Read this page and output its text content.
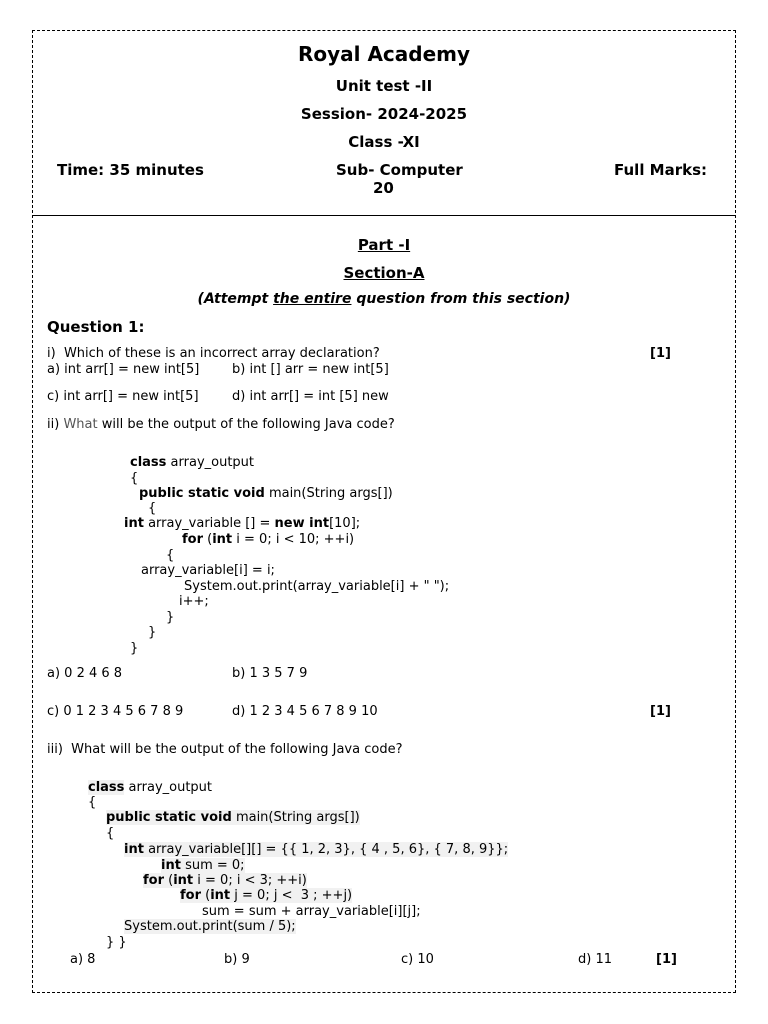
Royal Academy
Unit test -II
Session- 2024-2025
Class -XI
Time: 35 minutes	Sub- Computer	Full Marks:
20
Part -I
Section-A
(Attempt the entire question from this section)
Question 1:
i)  Which of these is an incorrect array declaration?	[1]
a) int arr[] = new int[5]	b) int [] arr = new int[5]
c) int arr[] = new int[5]	d) int arr[] = int [5] new
ii) What will be the output of the following Java code?
class array_output
{
public static void main(String args[])
{
int array_variable [] = new int[10];
for (int i = 0; i < 10; ++i)
{
array_variable[i] = i;
System.out.print(array_variable[i] + " ");
i++;
}
}
}
a) 0 2 4 6 8	b) 1 3 5 7 9
c) 0 1 2 3 4 5 6 7 8 9	d) 1 2 3 4 5 6 7 8 9 10	[1]
iii)  What will be the output of the following Java code?
class array_output
{
public static void main(String args[])
{
int array_variable[][] = {{ 1, 2, 3}, { 4 , 5, 6}, { 7, 8, 9}};
int sum = 0;
for (int i = 0; i < 3; ++i)
for (int j = 0; j <  3 ; ++j)
sum = sum + array_variable[i][j];
System.out.print(sum / 5);
} }
a) 8	b) 9	c) 10	d) 11	[1]
